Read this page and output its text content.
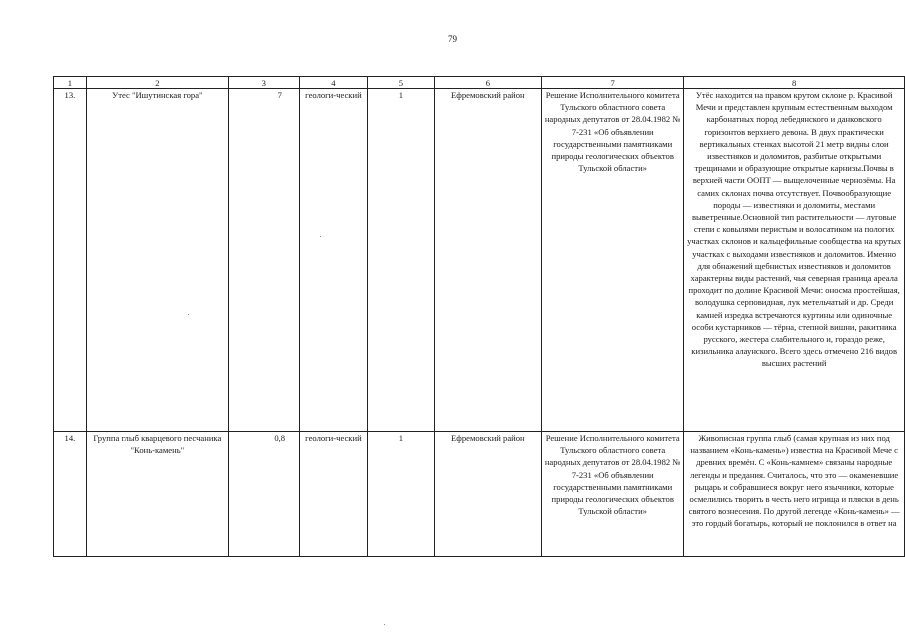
79
1	2	3	4	5	6	7	8
13.	Утес "Ишутинская гора"	7	геологи-ческий	1	Ефремовский район	Решение Исполнительного комитета Тульского областного совета народных депутатов от 28.04.1982 № 7-231 «Об объявлении государственными памятниками природы геологических объектов Тульской области»	Утёс находится на правом крутом склоне р. Красивой Мечи и представлен крупным естественным выходом карбонатных пород лебедянского и данковского горизонтов верхнего девона. В двух практически вертикальных стенках высотой 21 метр видны слои известняков и доломитов, разбитые открытыми трещинами и образующие открытые карнизы.Почвы в верхней части ООПТ — выщелоченные чернозёмы. На самих склонах почва отсутствует. Почвообразующие породы — известняки и доломиты, местами выветренные.Основной тип растительности — луговые степи с ковылями перистым и волосатиком на пологих участках склонов и кальцефильные сообщества на крутых участках с выходами известняков и доломитов. Именно для обнажений щебнистых известняков и доломитов характерны виды растений, чья северная граница ареала проходит по долине Красивой Мечи: оносма простейшая, володушка серповидная, лук метельчатый и др. Среди камней изредка встречаются куртины или одиночные особи кустарников — тёрна, степной вишни, ракитника русского, жестера слабительного и, гораздо реже, кизильника алаунского. Всего здесь отмечено 216 видов высших растений
14.	Группа глыб кварцевого песчаника "Конь-камень"	0,8	геологи-ческий	1	Ефремовский район	Решение Исполнительного комитета Тульского областного совета народных депутатов от 28.04.1982 № 7-231 «Об объявлении государственными памятниками природы геологических объектов Тульской области»	Живописная группа глыб (самая крупная из них под названием «Конь-камень») известна на Красивой Мече с древних времён. С «Конь-камнем» связаны народные легенды и предания. Считалось, что это — окаменевшие рыцарь и собравшиеся вокруг него язычники, которые осмелились творить в честь него игрища и пляски в день святого вознесения. По другой легенде «Конь-камень» — это гордый богатырь, который не поклонился в ответ на
